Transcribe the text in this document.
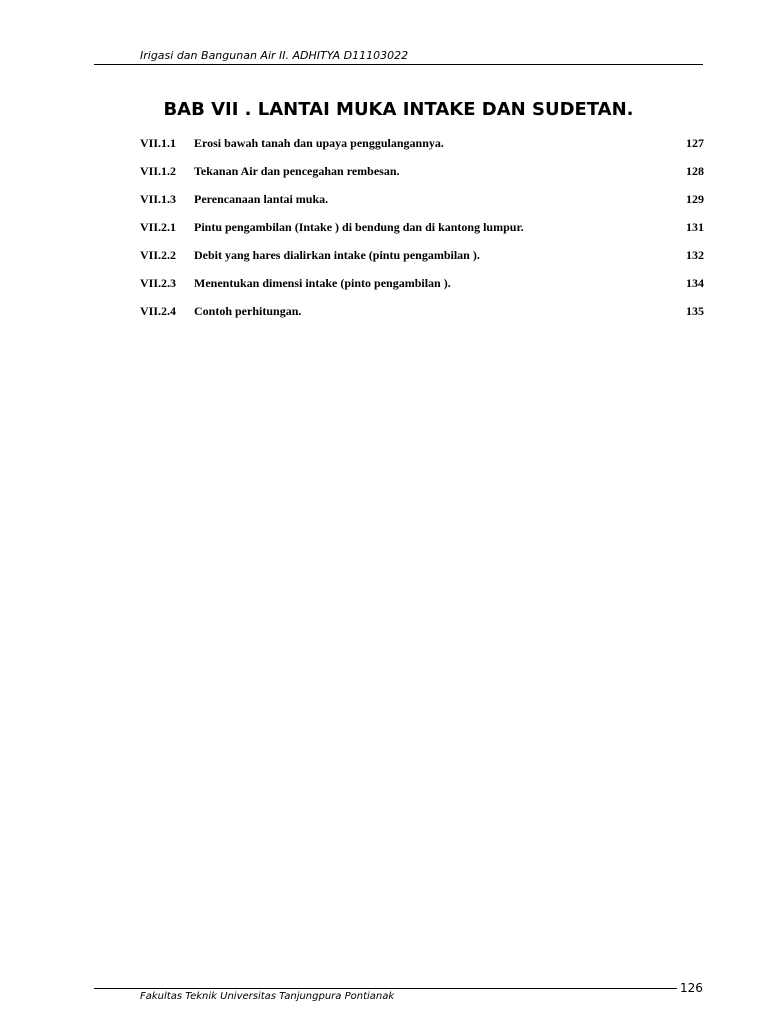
Irigasi dan Bangunan Air II. ADHITYA D11103022
BAB VII . LANTAI MUKA INTAKE DAN SUDETAN.
VII.1.1 Erosi bawah tanah dan upaya penggulangannya.	127
VII.1.2 Tekanan Air dan pencegahan rembesan.	128
VII.1.3 Perencanaan lantai muka.	129
VII.2.1 Pintu pengambilan (Intake ) di bendung dan di kantong lumpur.	131
VII.2.2 Debit yang hares dialirkan intake (pintu pengambilan ).	132
VII.2.3 Menentukan dimensi intake (pinto pengambilan ).	134
VII.2.4 Contoh perhitungan.	135
Fakultas Teknik Universitas Tanjungpura Pontianak
126
